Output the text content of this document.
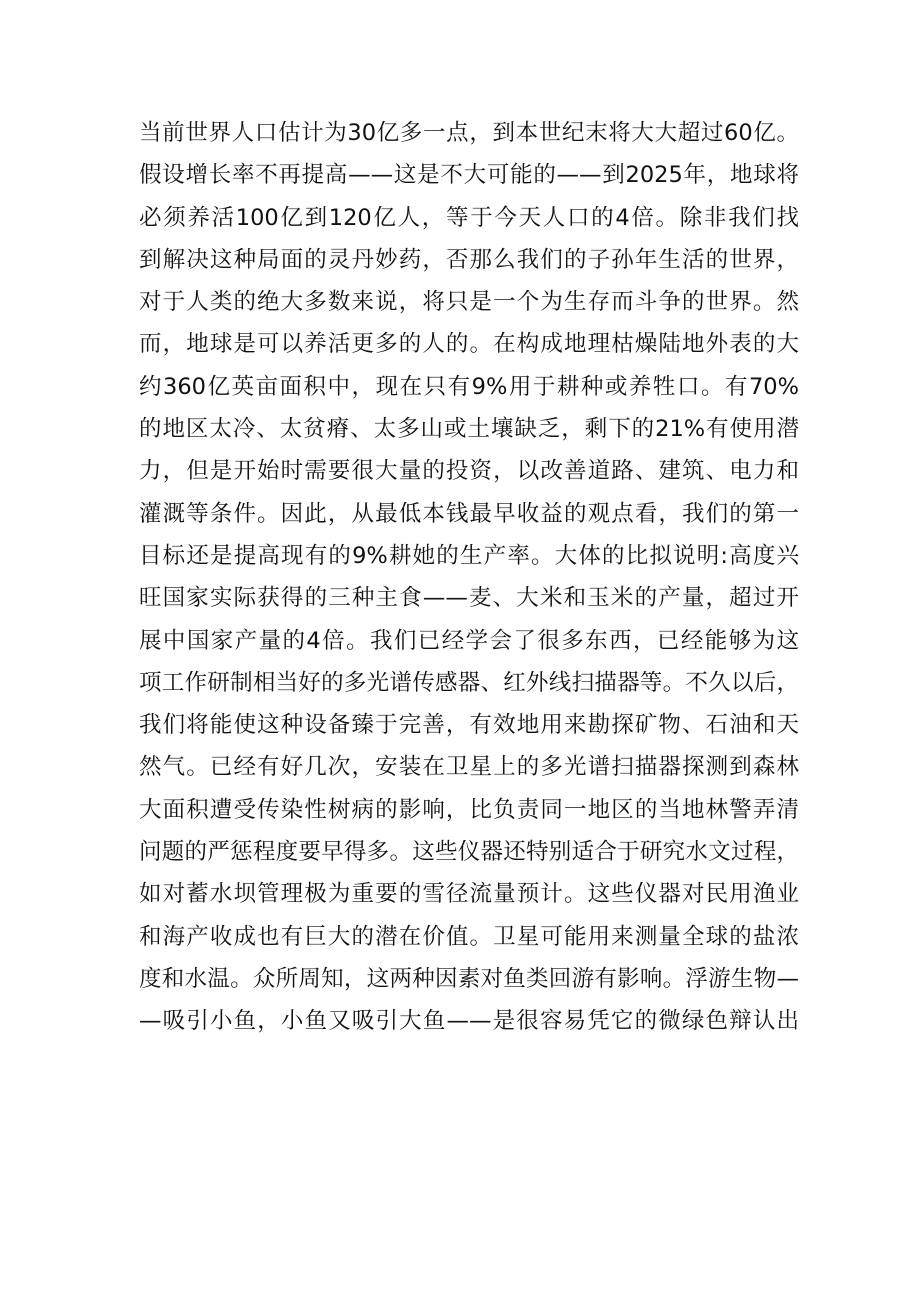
当前世界人口估计为30亿多一点，到本世纪末将大大超过60亿。
假设增长率不再提高——这是不大可能的——到2025年，地球将
必须养活100亿到120亿人，等于今天人口的4倍。除非我们找
到解决这种局面的灵丹妙药，否那么我们的子孙年生活的世界，
对于人类的绝大多数来说，将只是一个为生存而斗争的世界。然
而，地球是可以养活更多的人的。在构成地理枯燥陆地外表的大
约360亿英亩面积中，现在只有9%用于耕种或养牲口。有70%
的地区太冷、太贫瘠、太多山或土壤缺乏，剩下的21%有使用潜
力，但是开始时需要很大量的投资，以改善道路、建筑、电力和
灌溉等条件。因此，从最低本钱最早收益的观点看，我们的第一
目标还是提高现有的9%耕她的生产率。大体的比拟说明:高度兴
旺国家实际获得的三种主食——麦、大米和玉米的产量，超过开
展中国家产量的4倍。我们已经学会了很多东西，已经能够为这
项工作研制相当好的多光谱传感器、红外线扫描器等。不久以后，
我们将能使这种设备臻于完善，有效地用来勘探矿物、石油和天
然气。已经有好几次，安装在卫星上的多光谱扫描器探测到森林
大面积遭受传染性树病的影响，比负责同一地区的当地林警弄清
问题的严惩程度要早得多。这些仪器还特别适合于研究水文过程，
如对蓄水坝管理极为重要的雪径流量预计。这些仪器对民用渔业
和海产收成也有巨大的潜在价值。卫星可能用来测量全球的盐浓
度和水温。众所周知，这两种因素对鱼类回游有影响。浮游生物—
—吸引小鱼，小鱼又吸引大鱼——是很容易凭它的微绿色辩认出
